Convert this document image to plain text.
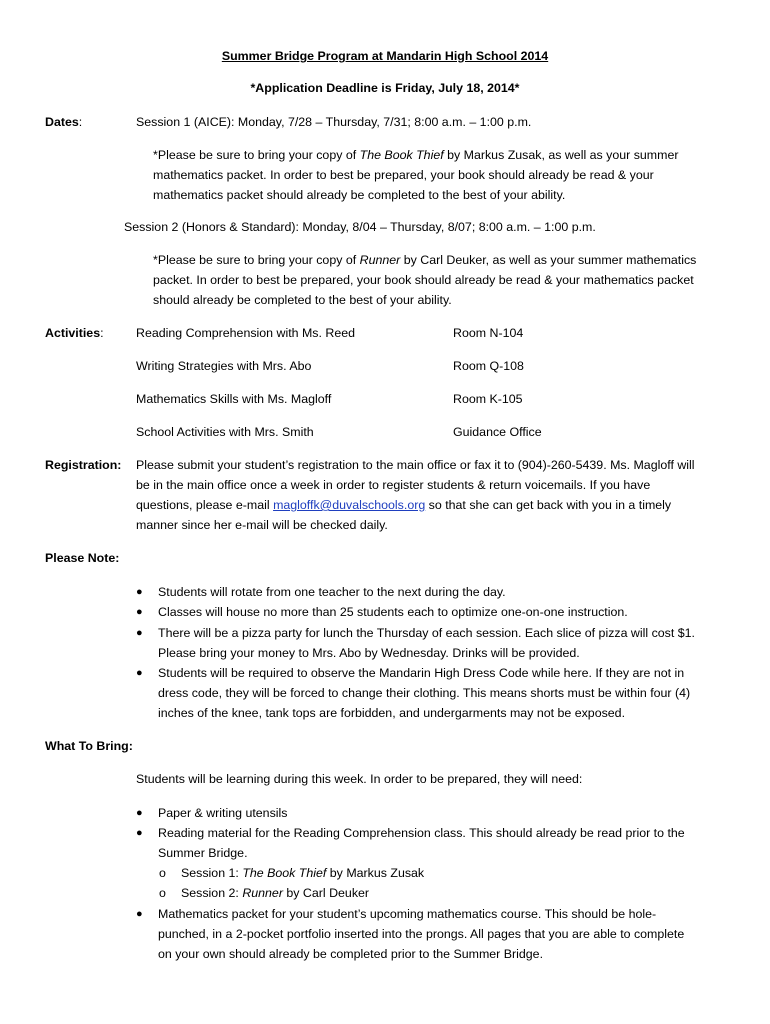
Summer Bridge Program at Mandarin High School 2014
*Application Deadline is Friday, July 18, 2014*
Dates:	Session 1 (AICE): Monday, 7/28 – Thursday, 7/31; 8:00 a.m. – 1:00 p.m.
*Please be sure to bring your copy of The Book Thief by Markus Zusak, as well as your summer
mathematics packet. In order to best be prepared, your book should already be read & your
mathematics packet should already be completed to the best of your ability.
Session 2 (Honors & Standard): Monday, 8/04 – Thursday, 8/07; 8:00 a.m. – 1:00 p.m.
*Please be sure to bring your copy of Runner by Carl Deuker, as well as your summer mathematics
packet. In order to best be prepared, your book should already be read & your mathematics packet
should already be completed to the best of your ability.
Activities:	Reading Comprehension with Ms. Reed	Room N-104
Writing Strategies with Mrs. Abo	Room Q-108
Mathematics Skills with Ms. Magloff	Room K-105
School Activities with Mrs. Smith	Guidance Office
Registration: Please submit your student’s registration to the main office or fax it to (904)-260-5439. Ms. Magloff will
be in the main office once a week in order to register students & return voicemails. If you have
questions, please e-mail magloffk@duvalschools.org so that she can get back with you in a timely
manner since her e-mail will be checked daily.
Please Note:
● Students will rotate from one teacher to the next during the day.
● Classes will house no more than 25 students each to optimize one-on-one instruction.
● There will be a pizza party for lunch the Thursday of each session. Each slice of pizza will cost $1.
Please bring your money to Mrs. Abo by Wednesday. Drinks will be provided.
● Students will be required to observe the Mandarin High Dress Code while here. If they are not in
dress code, they will be forced to change their clothing. This means shorts must be within four (4)
inches of the knee, tank tops are forbidden, and undergarments may not be exposed.
What To Bring:
Students will be learning during this week. In order to be prepared, they will need:
● Paper & writing utensils
● Reading material for the Reading Comprehension class. This should already be read prior to the
Summer Bridge.
o Session 1: The Book Thief by Markus Zusak
o Session 2: Runner by Carl Deuker
● Mathematics packet for your student’s upcoming mathematics course. This should be hole-
punched, in a 2-pocket portfolio inserted into the prongs. All pages that you are able to complete
on your own should already be completed prior to the Summer Bridge.
